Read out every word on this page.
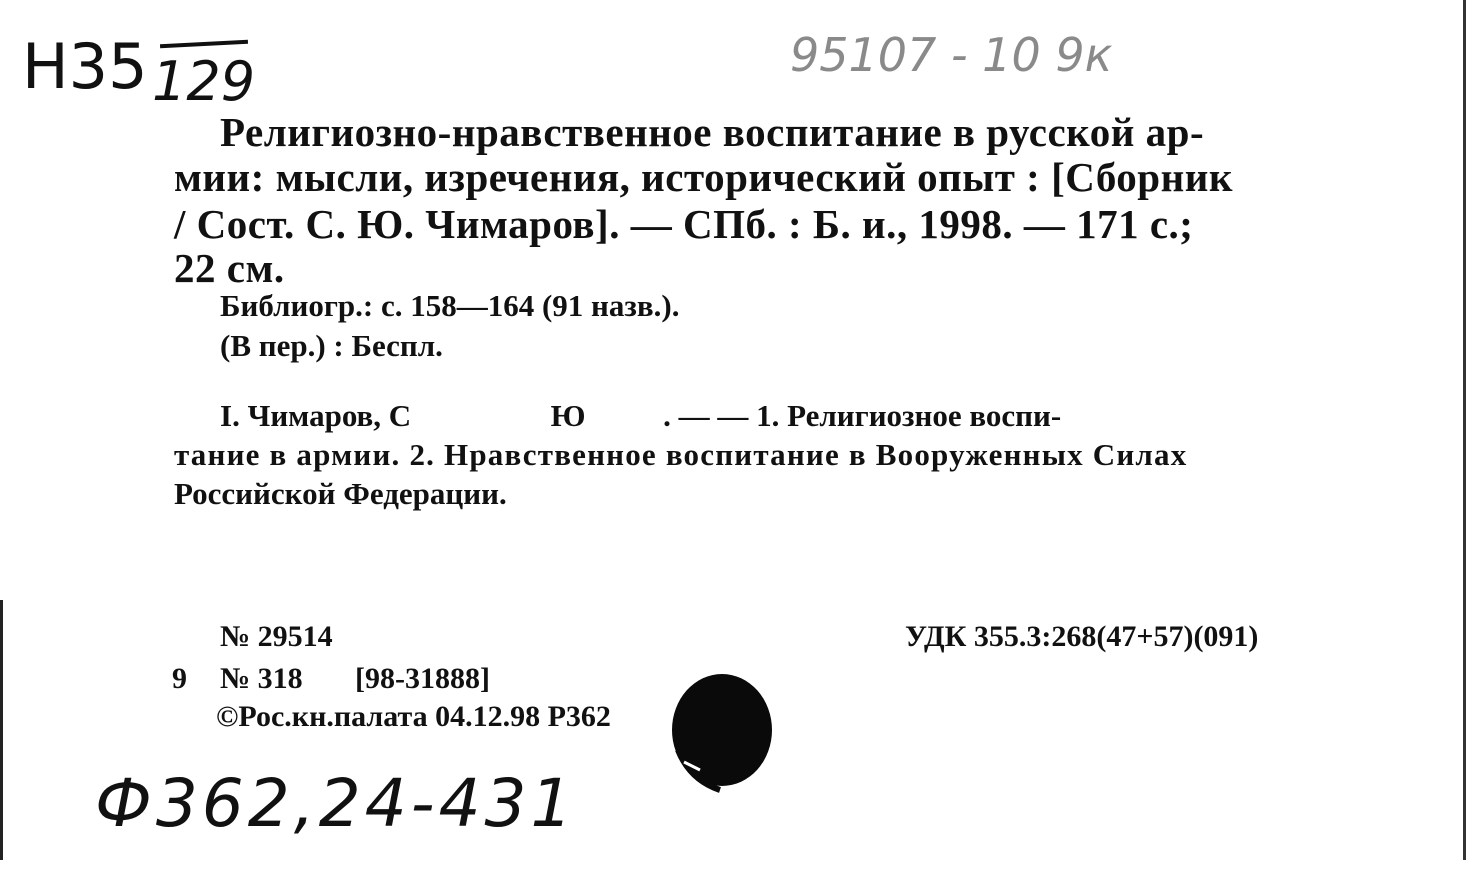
Н35 129	95107 - 10 9к
Религиозно-нравственное воспитание в русской ар-
мии: мысли, изречения, исторический опыт : [Сборник
/ Сост. С. Ю. Чимаров]. — СПб. : Б. и., 1998. — 171 с.;
22 см.
Библиогр.: с. 158—164 (91 назв.).
(В пер.) : Беспл.
I. Чимаров, С                  Ю          . — — 1. Религиозное воспи-
тание в армии. 2. Нравственное воспитание в Вооруженных Силах
Российской Федерации.
№ 29514	УДК 355.3:268(47+57)(091)
9 № 318 [98-31888]
©Рос.кн.палата 04.12.98 Р362
Ф362,24-431
